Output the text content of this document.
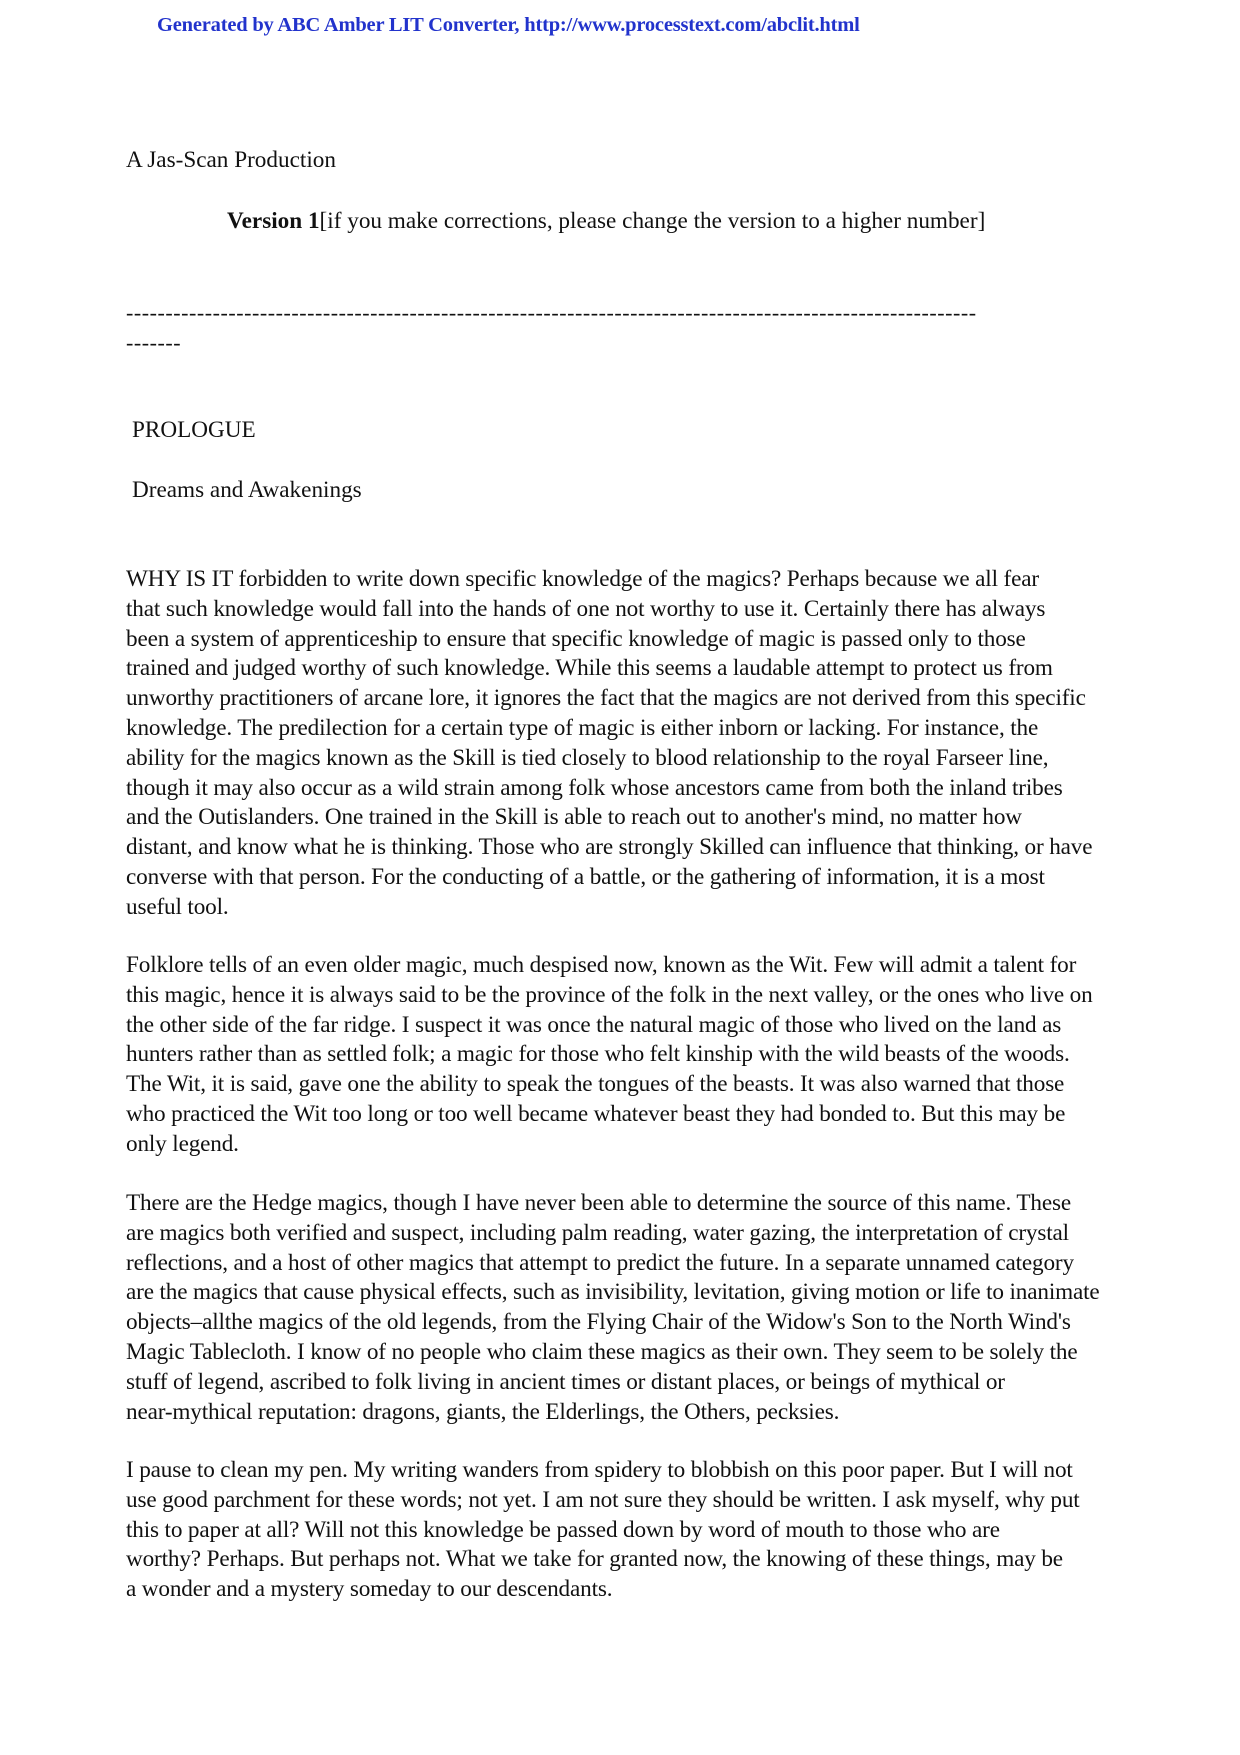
Generated by ABC Amber LIT Converter, http://www.processtext.com/abclit.html
A Jas-Scan Production
Version 1[if you make corrections, please change the version to a higher number]
------------------------------------------------------------------------------------------------------------
-------
PROLOGUE
Dreams and Awakenings
WHY IS IT forbidden to write down specific knowledge of the magics? Perhaps because we all fear
that such knowledge would fall into the hands of one not worthy to use it. Certainly there has always
been a system of apprenticeship to ensure that specific knowledge of magic is passed only to those
trained and judged worthy of such knowledge. While this seems a laudable attempt to protect us from
unworthy practitioners of arcane lore, it ignores the fact that the magics are not derived from this specific
knowledge. The predilection for a certain type of magic is either inborn or lacking. For instance, the
ability for the magics known as the Skill is tied closely to blood relationship to the royal Farseer line,
though it may also occur as a wild strain among folk whose ancestors came from both the inland tribes
and the Outislanders. One trained in the Skill is able to reach out to another's mind, no matter how
distant, and know what he is thinking. Those who are strongly Skilled can influence that thinking, or have
converse with that person. For the conducting of a battle, or the gathering of information, it is a most
useful tool.
Folklore tells of an even older magic, much despised now, known as the Wit. Few will admit a talent for
this magic, hence it is always said to be the province of the folk in the next valley, or the ones who live on
the other side of the far ridge. I suspect it was once the natural magic of those who lived on the land as
hunters rather than as settled folk; a magic for those who felt kinship with the wild beasts of the woods.
The Wit, it is said, gave one the ability to speak the tongues of the beasts. It was also warned that those
who practiced the Wit too long or too well became whatever beast they had bonded to. But this may be
only legend.
There are the Hedge magics, though I have never been able to determine the source of this name. These
are magics both verified and suspect, including palm reading, water gazing, the interpretation of crystal
reflections, and a host of other magics that attempt to predict the future. In a separate unnamed category
are the magics that cause physical effects, such as invisibility, levitation, giving motion or life to inanimate
objects–allthe magics of the old legends, from the Flying Chair of the Widow's Son to the North Wind's
Magic Tablecloth. I know of no people who claim these magics as their own. They seem to be solely the
stuff of legend, ascribed to folk living in ancient times or distant places, or beings of mythical or
near-mythical reputation: dragons, giants, the Elderlings, the Others, pecksies.
I pause to clean my pen. My writing wanders from spidery to blobbish on this poor paper. But I will not
use good parchment for these words; not yet. I am not sure they should be written. I ask myself, why put
this to paper at all? Will not this knowledge be passed down by word of mouth to those who are
worthy? Perhaps. But perhaps not. What we take for granted now, the knowing of these things, may be
a wonder and a mystery someday to our descendants.
